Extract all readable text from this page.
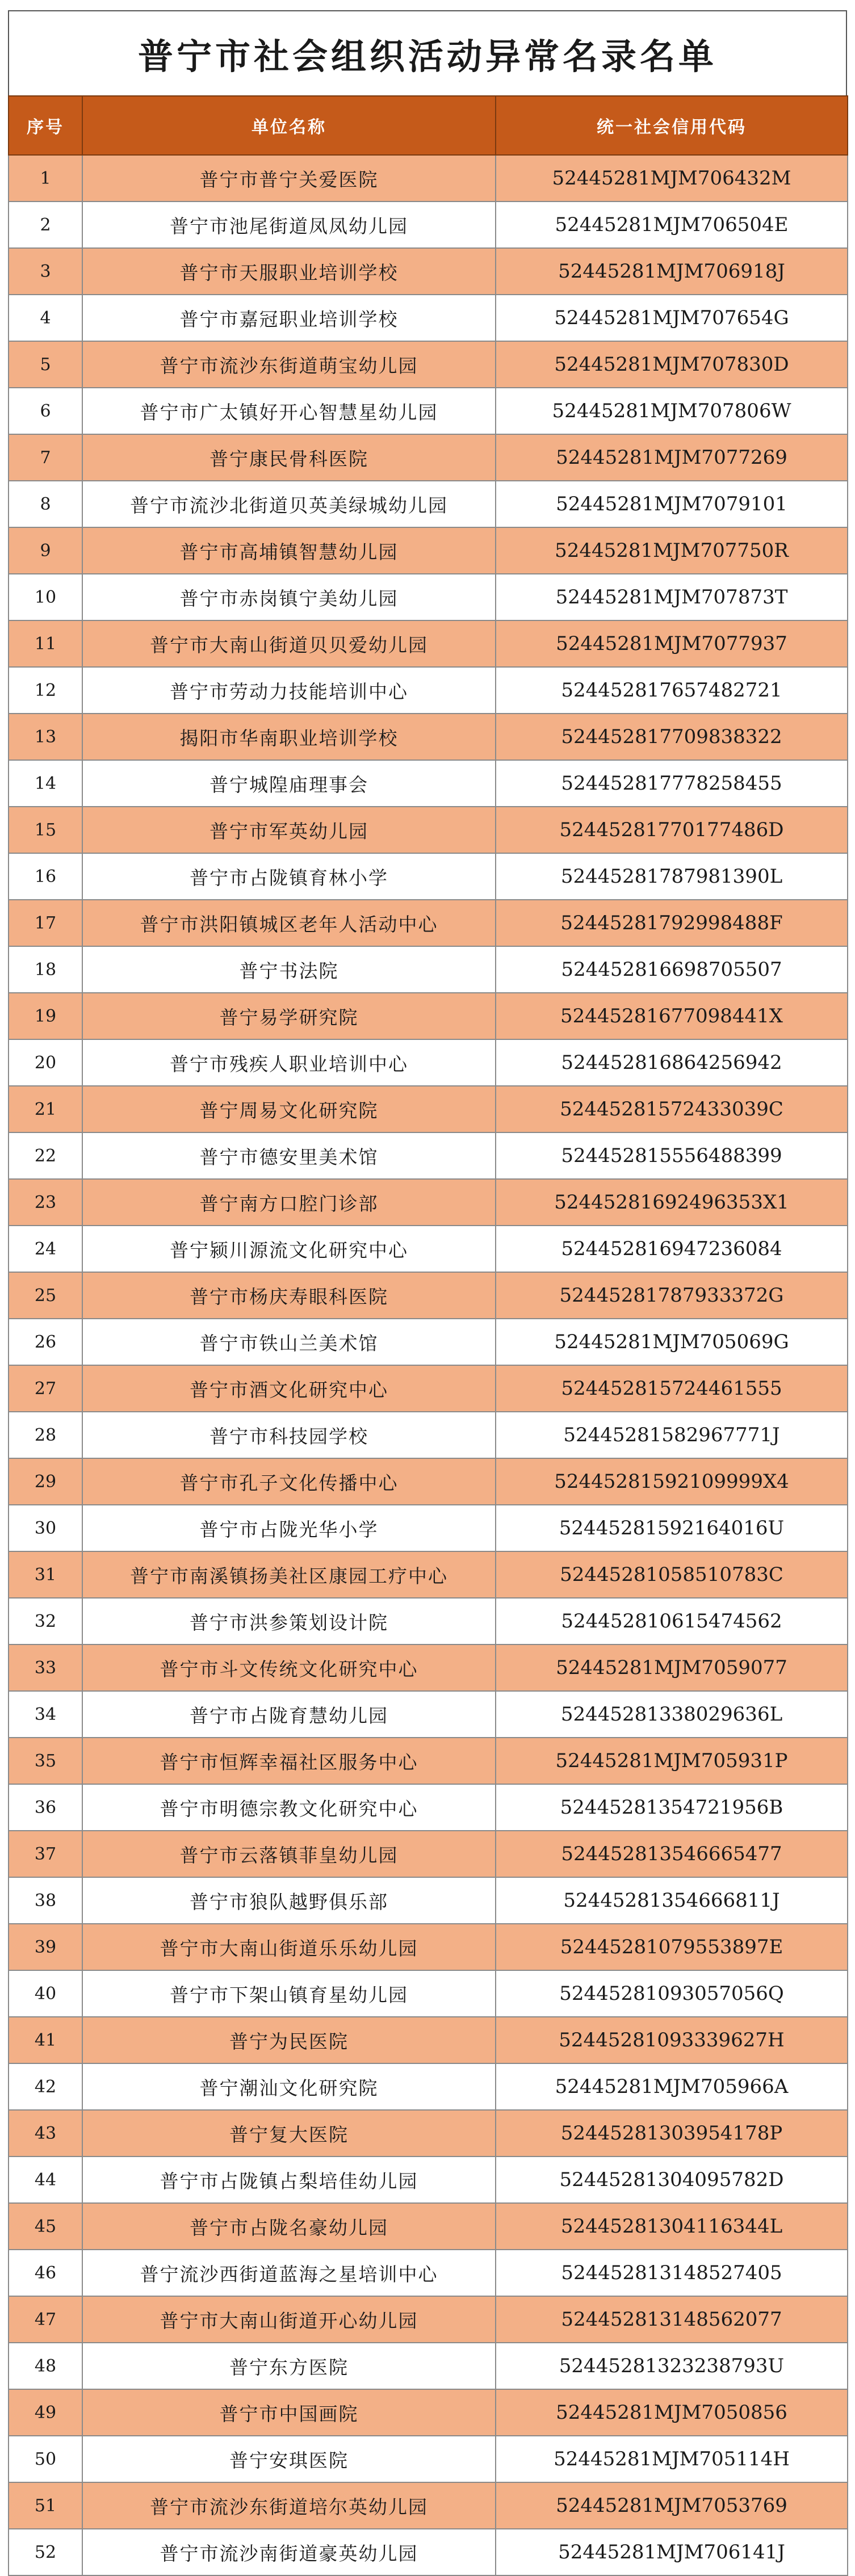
普宁市社会组织活动异常名录名单
序号	单位名称	统一社会信用代码
1	普宁市普宁关爱医院	52445281MJM706432M
2	普宁市池尾街道凤凤幼儿园	52445281MJM706504E
3	普宁市天服职业培训学校	52445281MJM706918J
4	普宁市嘉冠职业培训学校	52445281MJM707654G
5	普宁市流沙东街道萌宝幼儿园	52445281MJM707830D
6	普宁市广太镇好开心智慧星幼儿园	52445281MJM707806W
7	普宁康民骨科医院	52445281MJM7077269
8	普宁市流沙北街道贝英美绿城幼儿园	52445281MJM7079101
9	普宁市高埔镇智慧幼儿园	52445281MJM707750R
10	普宁市赤岗镇宁美幼儿园	52445281MJM707873T
11	普宁市大南山街道贝贝爱幼儿园	52445281MJM7077937
12	普宁市劳动力技能培训中心	524452817657482721
13	揭阳市华南职业培训学校	524452817709838322
14	普宁城隍庙理事会	524452817778258455
15	普宁市军英幼儿园	52445281770177486D
16	普宁市占陇镇育林小学	52445281787981390L
17	普宁市洪阳镇城区老年人活动中心	52445281792998488F
18	普宁书法院	524452816698705507
19	普宁易学研究院	52445281677098441X
20	普宁市残疾人职业培训中心	524452816864256942
21	普宁周易文化研究院	52445281572433039C
22	普宁市德安里美术馆	524452815556488399
23	普宁南方口腔门诊部	52445281692496353X1
24	普宁颍川源流文化研究中心	524452816947236084
25	普宁市杨庆寿眼科医院	52445281787933372G
26	普宁市铁山兰美术馆	52445281MJM705069G
27	普宁市酒文化研究中心	524452815724461555
28	普宁市科技园学校	52445281582967771J
29	普宁市孔子文化传播中心	52445281592109999X4
30	普宁市占陇光华小学	52445281592164016U
31	普宁市南溪镇扬美社区康园工疗中心	52445281058510783C
32	普宁市洪参策划设计院	524452810615474562
33	普宁市斗文传统文化研究中心	52445281MJM7059077
34	普宁市占陇育慧幼儿园	52445281338029636L
35	普宁市恒辉幸福社区服务中心	52445281MJM705931P
36	普宁市明德宗教文化研究中心	52445281354721956B
37	普宁市云落镇菲皇幼儿园	524452813546665477
38	普宁市狼队越野俱乐部	52445281354666811J
39	普宁市大南山街道乐乐幼儿园	52445281079553897E
40	普宁市下架山镇育星幼儿园	52445281093057056Q
41	普宁为民医院	52445281093339627H
42	普宁潮汕文化研究院	52445281MJM705966A
43	普宁复大医院	52445281303954178P
44	普宁市占陇镇占梨培佳幼儿园	52445281304095782D
45	普宁市占陇名豪幼儿园	52445281304116344L
46	普宁流沙西街道蓝海之星培训中心	524452813148527405
47	普宁市大南山街道开心幼儿园	524452813148562077
48	普宁东方医院	52445281323238793U
49	普宁市中国画院	52445281MJM7050856
50	普宁安琪医院	52445281MJM705114H
51	普宁市流沙东街道培尔英幼儿园	52445281MJM7053769
52	普宁市流沙南街道豪英幼儿园	52445281MJM706141J
